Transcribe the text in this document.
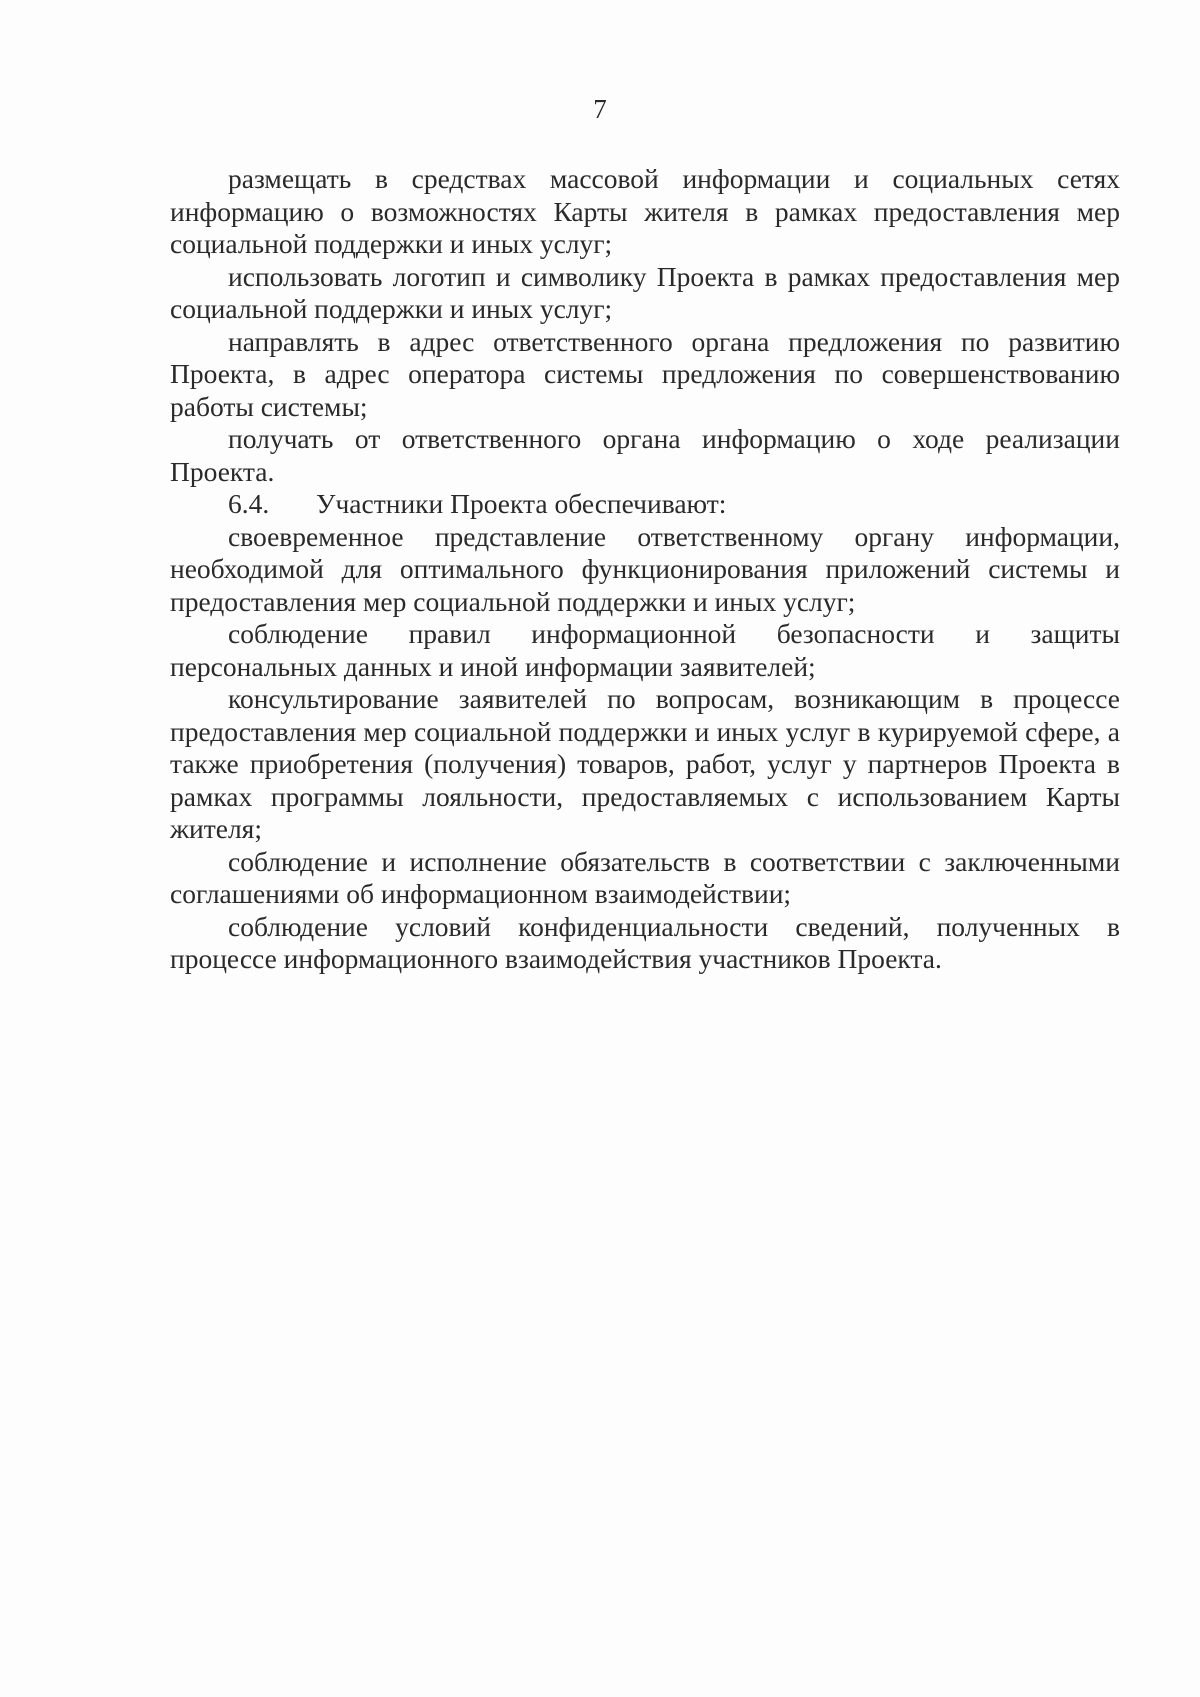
7

размещать в средствах массовой информации и социальных сетях информацию о возможностях Карты жителя в рамках предоставления мер социальной поддержки и иных услуг;

использовать логотип и символику Проекта в рамках предоставления мер социальной поддержки и иных услуг;

направлять в адрес ответственного органа предложения по развитию Проекта, в адрес оператора системы предложения по совершенствованию работы системы;

получать от ответственного органа информацию о ходе реализации Проекта.

6.4. Участники Проекта обеспечивают:

своевременное представление ответственному органу информации, необходимой для оптимального функционирования приложений системы и предоставления мер социальной поддержки и иных услуг;

соблюдение правил информационной безопасности и защиты персональных данных и иной информации заявителей;

консультирование заявителей по вопросам, возникающим в процессе предоставления мер социальной поддержки и иных услуг в курируемой сфере, а также приобретения (получения) товаров, работ, услуг у партнеров Проекта в рамках программы лояльности, предоставляемых с использованием Карты жителя;

соблюдение и исполнение обязательств в соответствии с заключенными соглашениями об информационном взаимодействии;

соблюдение условий конфиденциальности сведений, полученных в процессе информационного взаимодействия участников Проекта.
